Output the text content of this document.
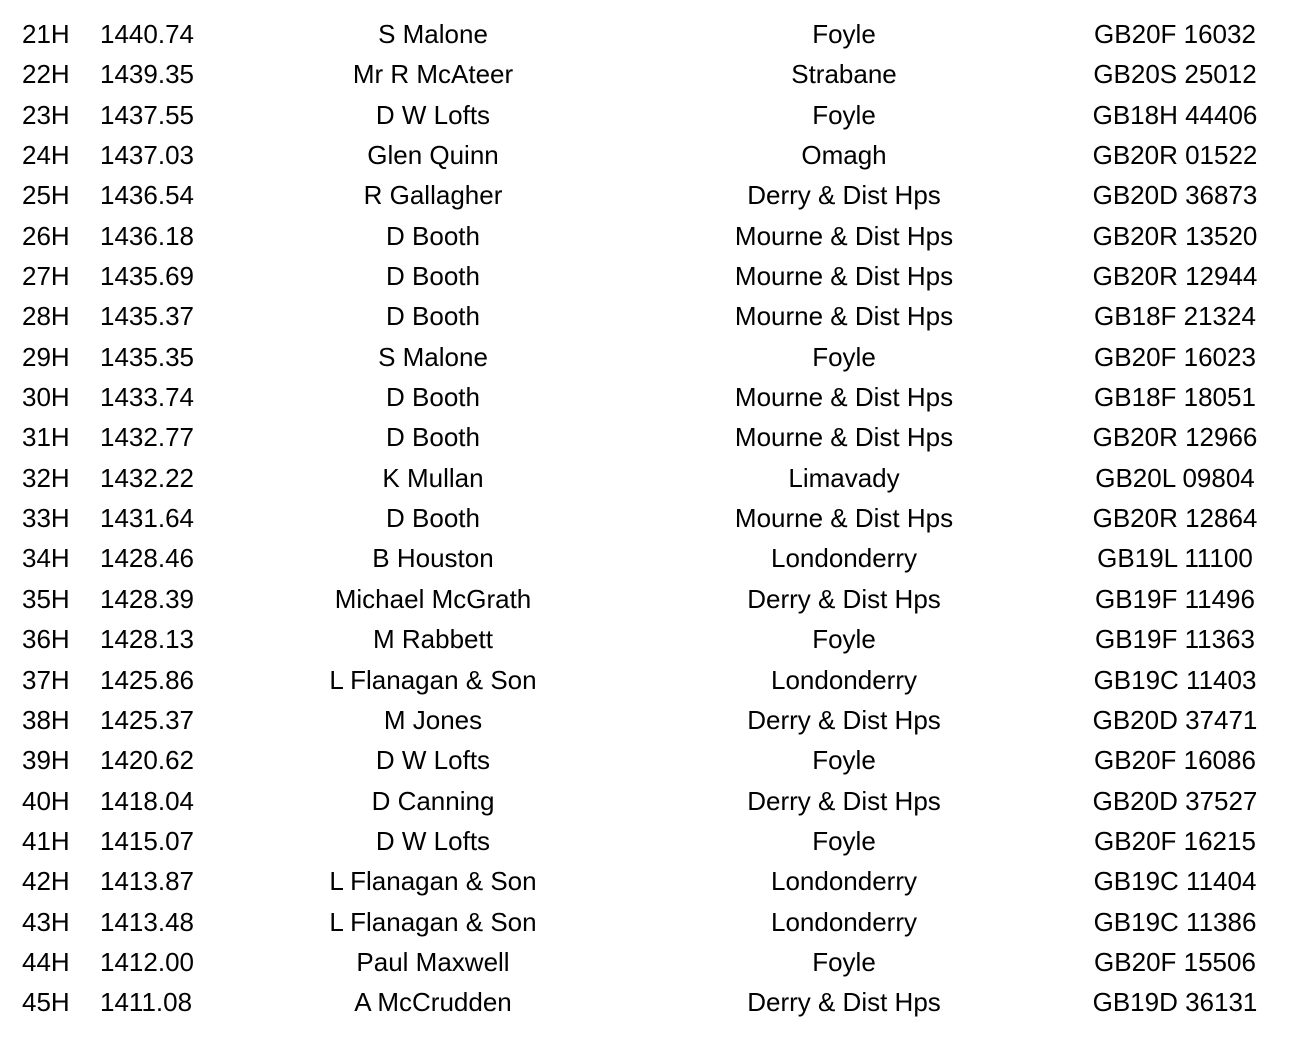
21H	1440.74	S Malone	Foyle	GB20F 16032
22H	1439.35	Mr R McAteer	Strabane	GB20S 25012
23H	1437.55	D W Lofts	Foyle	GB18H 44406
24H	1437.03	Glen Quinn	Omagh	GB20R 01522
25H	1436.54	R Gallagher	Derry & Dist Hps	GB20D 36873
26H	1436.18	D Booth	Mourne & Dist Hps	GB20R 13520
27H	1435.69	D Booth	Mourne & Dist Hps	GB20R 12944
28H	1435.37	D Booth	Mourne & Dist Hps	GB18F 21324
29H	1435.35	S Malone	Foyle	GB20F 16023
30H	1433.74	D Booth	Mourne & Dist Hps	GB18F 18051
31H	1432.77	D Booth	Mourne & Dist Hps	GB20R 12966
32H	1432.22	K Mullan	Limavady	GB20L 09804
33H	1431.64	D Booth	Mourne & Dist Hps	GB20R 12864
34H	1428.46	B Houston	Londonderry	GB19L 11100
35H	1428.39	Michael McGrath	Derry & Dist Hps	GB19F 11496
36H	1428.13	M Rabbett	Foyle	GB19F 11363
37H	1425.86	L Flanagan & Son	Londonderry	GB19C 11403
38H	1425.37	M Jones	Derry & Dist Hps	GB20D 37471
39H	1420.62	D W Lofts	Foyle	GB20F 16086
40H	1418.04	D Canning	Derry & Dist Hps	GB20D 37527
41H	1415.07	D W Lofts	Foyle	GB20F 16215
42H	1413.87	L Flanagan & Son	Londonderry	GB19C 11404
43H	1413.48	L Flanagan & Son	Londonderry	GB19C 11386
44H	1412.00	Paul Maxwell	Foyle	GB20F 15506
45H	1411.08	A McCrudden	Derry & Dist Hps	GB19D 36131
